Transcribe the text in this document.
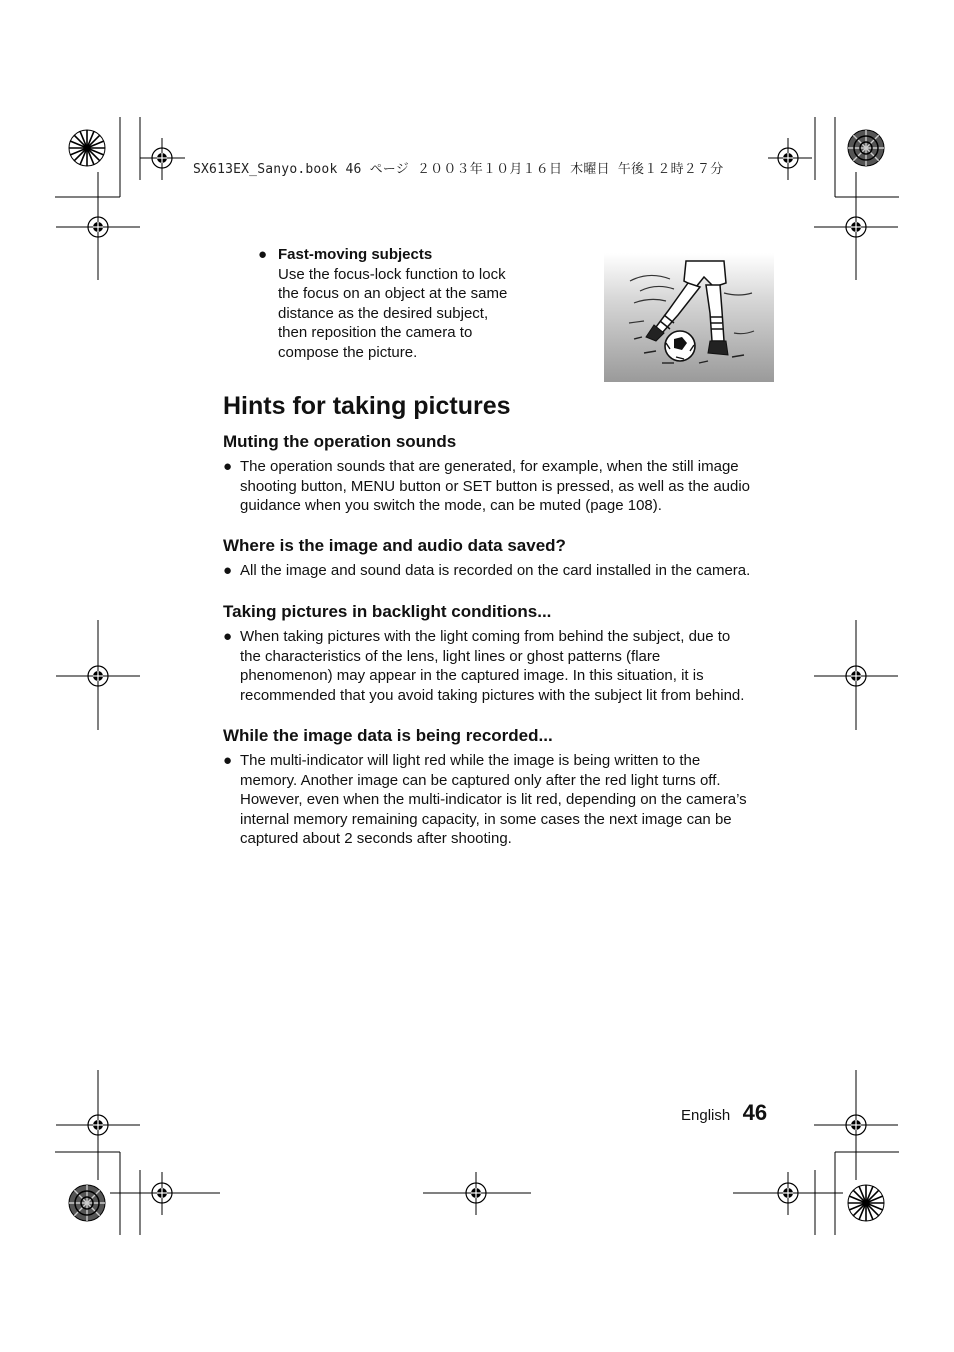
SX613EX_Sanyo.book 46 ページ ２００３年１０月１６日 木曜日 午後１２時２７分
● Fast-moving subjects
Use the focus-lock function to lock
the focus on an object at the same
distance as the desired subject,
then reposition the camera to
compose the picture.
Hints for taking pictures
Muting the operation sounds
● The operation sounds that are generated, for example, when the still image
shooting button, MENU button or SET button is pressed, as well as the audio
guidance when you switch the mode, can be muted (page 108).
Where is the image and audio data saved?
● All the image and sound data is recorded on the card installed in the camera.
Taking pictures in backlight conditions...
● When taking pictures with the light coming from behind the subject, due to
the characteristics of the lens, light lines or ghost patterns (flare
phenomenon) may appear in the captured image. In this situation, it is
recommended that you avoid taking pictures with the subject lit from behind.
While the image data is being recorded...
● The multi-indicator will light red while the image is being written to the
memory. Another image can be captured only after the red light turns off.
However, even when the multi-indicator is lit red, depending on the camera’s
internal memory remaining capacity, in some cases the next image can be
captured about 2 seconds after shooting.
English 46
